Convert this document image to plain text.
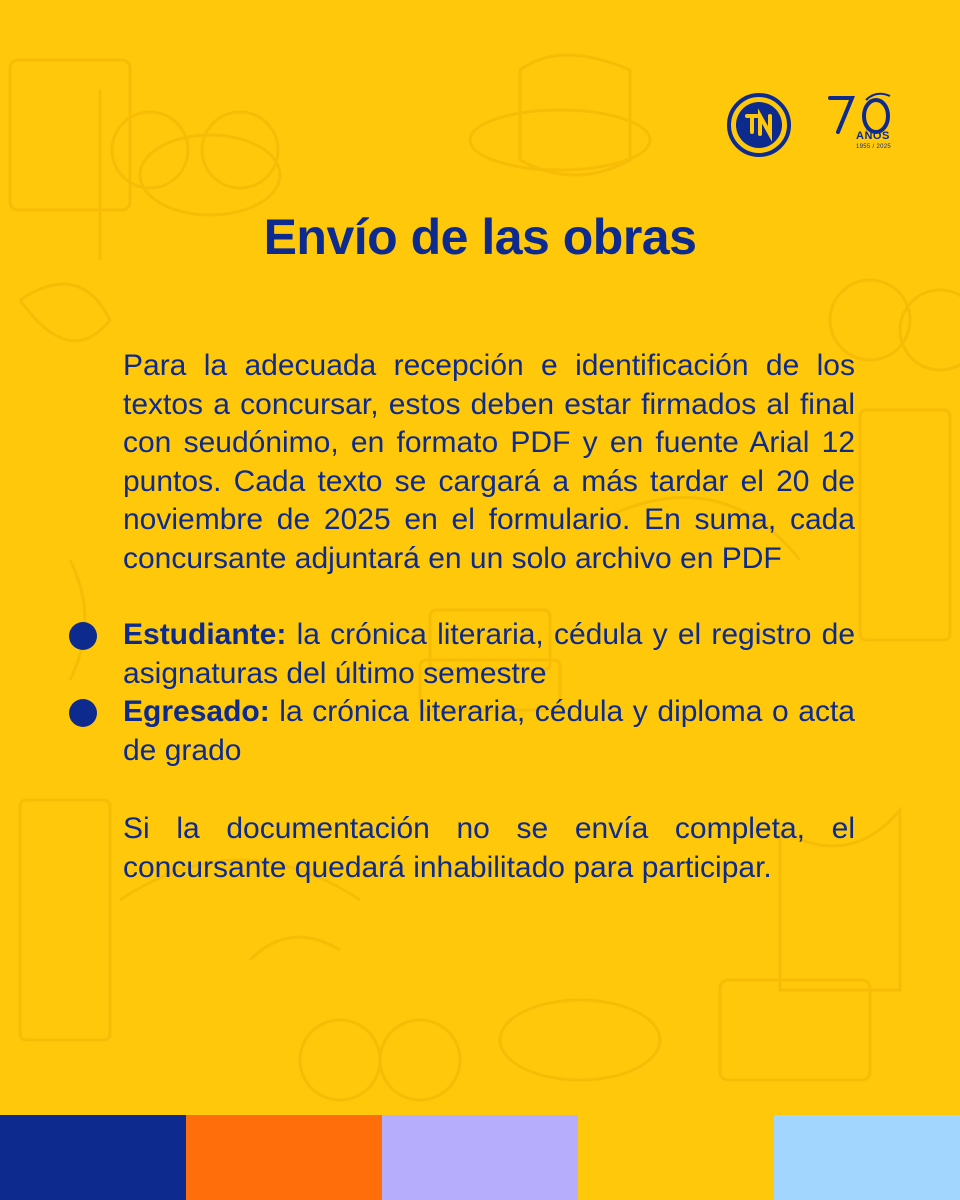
AÑOS
1955 / 2025
Envío de las obras

Para la adecuada recepción e identificación de los textos a concursar, estos deben estar firmados al final con seudónimo, en formato PDF y en fuente Arial 12 puntos. Cada texto se cargará a más tardar el 20 de noviembre de 2025 en el formulario. En suma, cada concursante adjuntará en un solo archivo en PDF

Estudiante: la crónica literaria, cédula y el registro de asignaturas del último semestre
Egresado: la crónica literaria, cédula y diploma o acta de grado

Si la documentación no se envía completa, el concursante quedará inhabilitado para participar.
